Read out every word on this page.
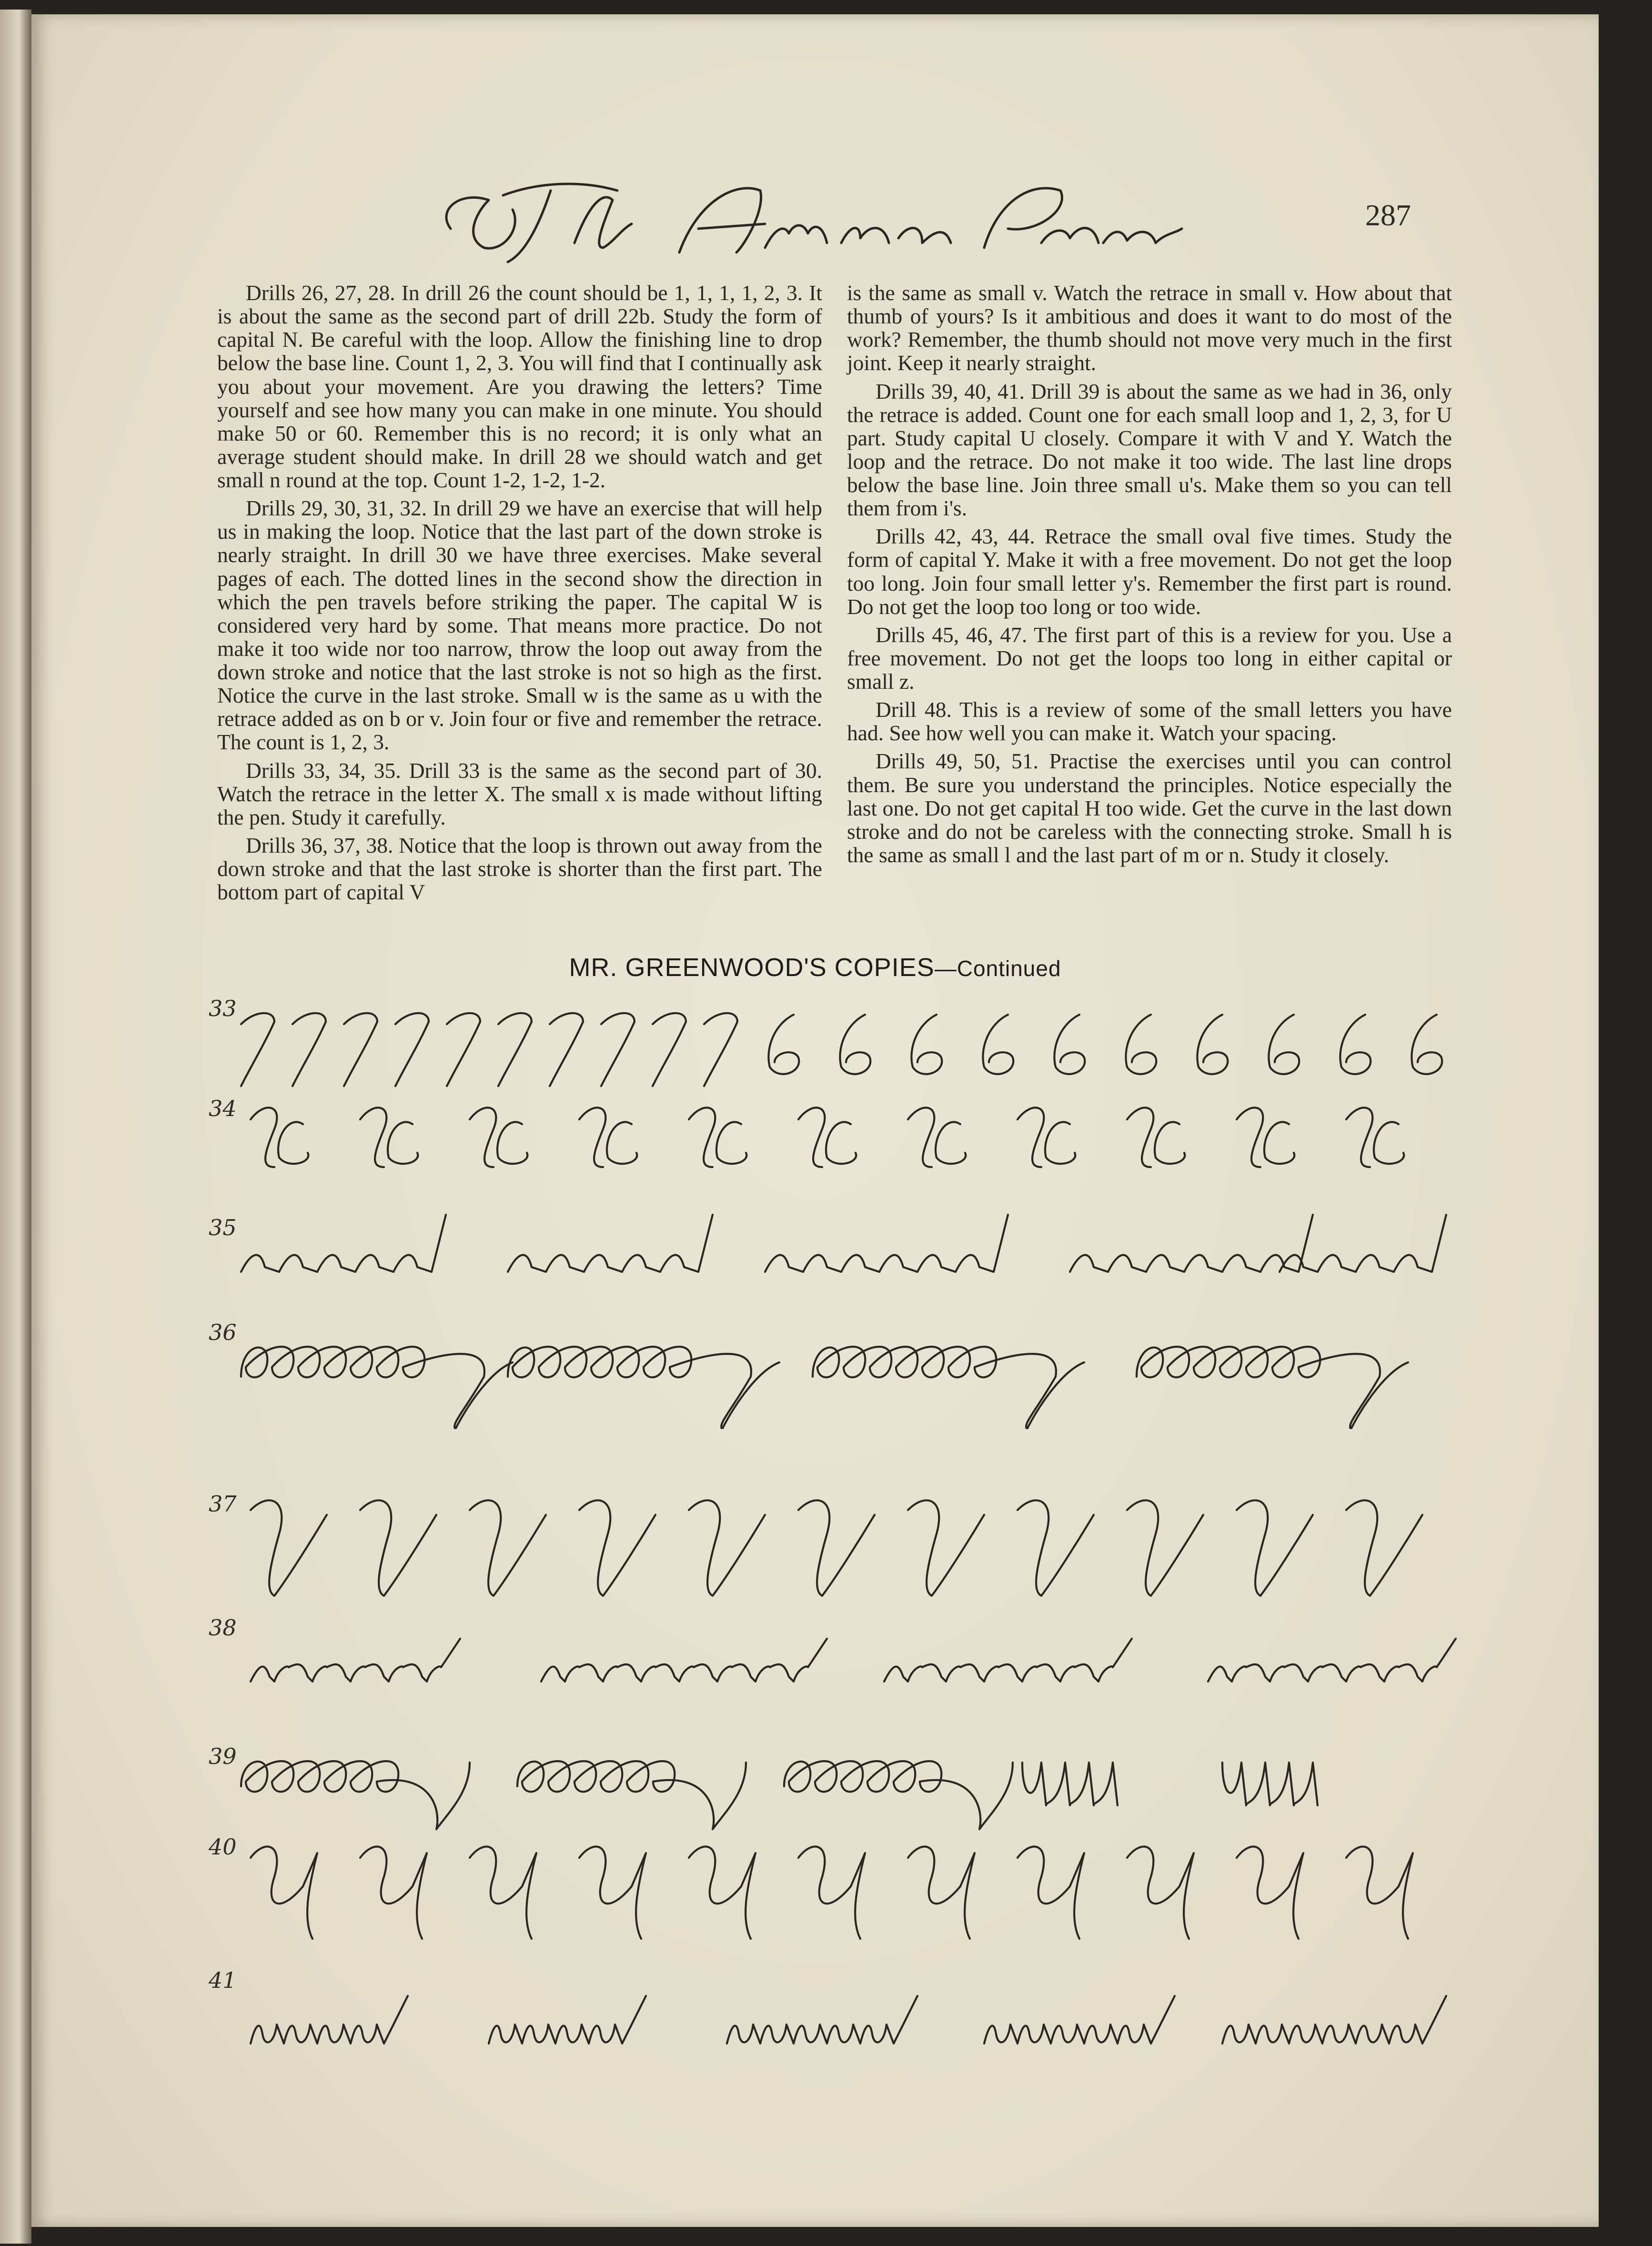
The American Penman
287

Drills 26, 27, 28. In drill 26 the count should be 1, 1, 1, 1, 2, 3. It is about the same as the second part of drill 22b. Study the form of capital N. Be careful with the loop. Allow the finishing line to drop below the base line. Count 1, 2, 3. You will find that I continually ask you about your movement. Are you drawing the letters? Time yourself and see how many you can make in one minute. You should make 50 or 60. Remember this is no record; it is only what an average student should make. In drill 28 we should watch and get small n round at the top. Count 1-2, 1-2, 1-2.

Drills 29, 30, 31, 32. In drill 29 we have an exercise that will help us in making the loop. Notice that the last part of the down stroke is nearly straight. In drill 30 we have three exercises. Make several pages of each. The dotted lines in the second show the direction in which the pen travels before striking the paper. The capital W is considered very hard by some. That means more practice. Do not make it too wide nor too narrow, throw the loop out away from the down stroke and notice that the last stroke is not so high as the first. Notice the curve in the last stroke. Small w is the same as u with the retrace added as on b or v. Join four or five and remember the retrace. The count is 1, 2, 3.

Drills 33, 34, 35. Drill 33 is the same as the second part of 30. Watch the retrace in the letter X. The small x is made without lifting the pen. Study it carefully.

Drills 36, 37, 38. Notice that the loop is thrown out away from the down stroke and that the last stroke is shorter than the first part. The bottom part of capital V

is the same as small v. Watch the retrace in small v. How about that thumb of yours? Is it ambitious and does it want to do most of the work? Remember, the thumb should not move very much in the first joint. Keep it nearly straight.

Drills 39, 40, 41. Drill 39 is about the same as we had in 36, only the retrace is added. Count one for each small loop and 1, 2, 3, for U part. Study capital U closely. Compare it with V and Y. Watch the loop and the retrace. Do not make it too wide. The last line drops below the base line. Join three small u's. Make them so you can tell them from i's.

Drills 42, 43, 44. Retrace the small oval five times. Study the form of capital Y. Make it with a free movement. Do not get the loop too long. Join four small letter y's. Remember the first part is round. Do not get the loop too long or too wide.

Drills 45, 46, 47. The first part of this is a review for you. Use a free movement. Do not get the loops too long in either capital or small z.

Drill 48. This is a review of some of the small letters you have had. See how well you can make it. Watch your spacing.

Drills 49, 50, 51. Practise the exercises until you can control them. Be sure you understand the principles. Notice especially the last one. Do not get capital H too wide. Get the curve in the last down stroke and do not be careless with the connecting stroke. Small h is the same as small l and the last part of m or n. Study it closely.

MR. GREENWOOD'S COPIES—Continued
33
34
35
36
37
38
39
40
41
